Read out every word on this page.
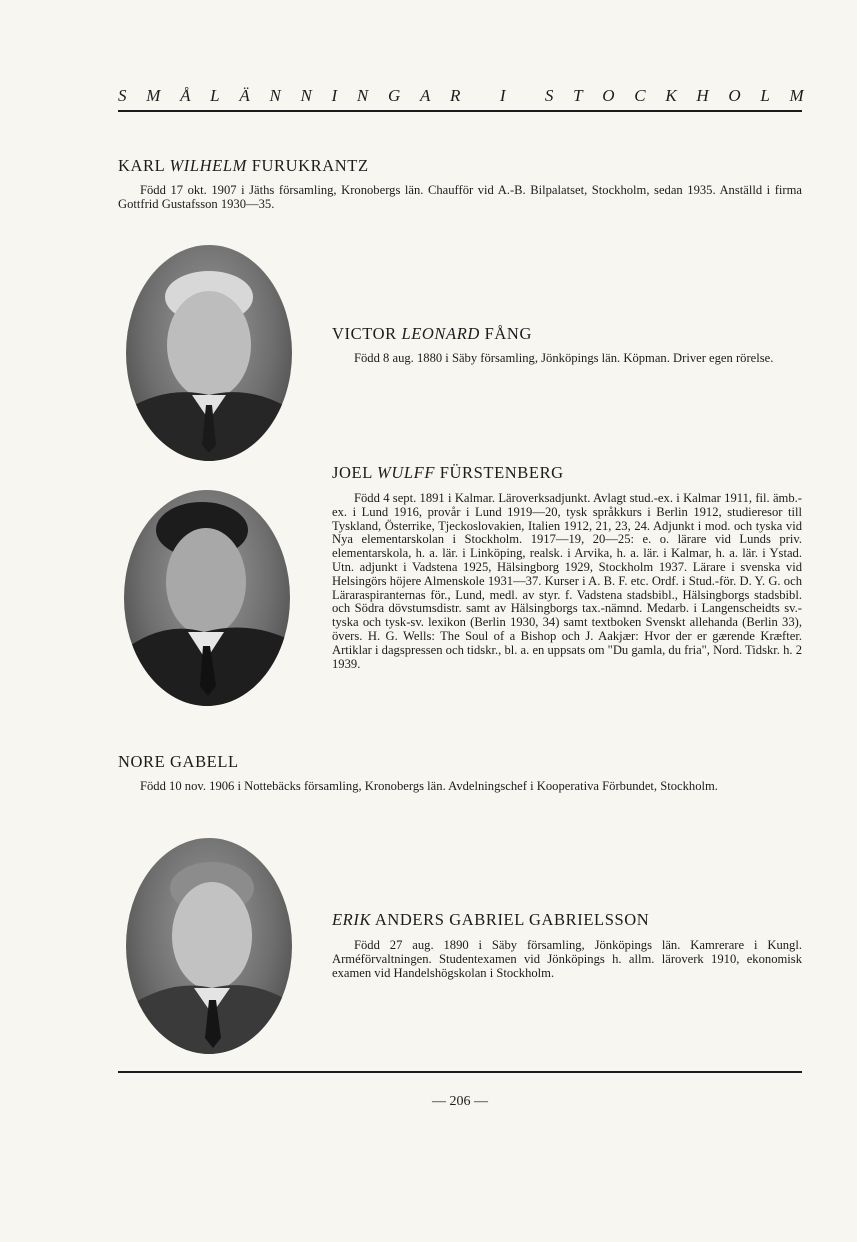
S M Å L Ä N N I N G A R I S T O C K H O L M
KARL WILHELM FURUKRANTZ

Född 17 okt. 1907 i Jäths församling, Kronobergs län. Chaufför vid A.-B. Bilpalatset, Stockholm, sedan 1935. Anställd i firma Gottfrid Gustafsson 1930—35.

VICTOR LEONARD FÅNG

Född 8 aug. 1880 i Säby församling, Jönköpings län. Köpman. Driver egen rörelse.

JOEL WULFF FÜRSTENBERG

Född 4 sept. 1891 i Kalmar. Läroverksadjunkt. Avlagt stud.-ex. i Kalmar 1911, fil. ämb.-ex. i Lund 1916, provår i Lund 1919—20, tysk språkkurs i Berlin 1912, studieresor till Tyskland, Österrike, Tjeckoslovakien, Italien 1912, 21, 23, 24. Adjunkt i mod. och tyska vid Nya elementarskolan i Stockholm. 1917—19, 20—25: e. o. lärare vid Lunds priv. elementarskola, h. a. lär. i Linköping, realsk. i Arvika, h. a. lär. i Kalmar, h. a. lär. i Ystad. Utn. adjunkt i Vadstena 1925, Hälsingborg 1929, Stockholm 1937. Lärare i svenska vid Helsingörs höjere Almenskole 1931—37. Kurser i A. B. F. etc. Ordf. i Stud.-för. D. Y. G. och Läraraspiranternas för., Lund, medl. av styr. f. Vadstena stadsbibl., Hälsingborgs stadsbibl. och Södra dövstumsdistr. samt av Hälsingborgs tax.-nämnd. Medarb. i Langenscheidts sv.-tyska och tysk-sv. lexikon (Berlin 1930, 34) samt textboken Svenskt allehanda (Berlin 33), övers. H. G. Wells: The Soul of a Bishop och J. Aakjær: Hvor der er gærende Kræfter. Artiklar i dagspressen och tidskr., bl. a. en uppsats om "Du gamla, du fria", Nord. Tidskr. h. 2 1939.

NORE GABELL

Född 10 nov. 1906 i Nottebäcks församling, Kronobergs län. Avdelningschef i Kooperativa Förbundet, Stockholm.

ERIK ANDERS GABRIEL GABRIELSSON

Född 27 aug. 1890 i Säby församling, Jönköpings län. Kamrerare i Kungl. Arméförvaltningen. Studentexamen vid Jönköpings h. allm. läroverk 1910, ekonomisk examen vid Handelshögskolan i Stockholm.

— 206 —
